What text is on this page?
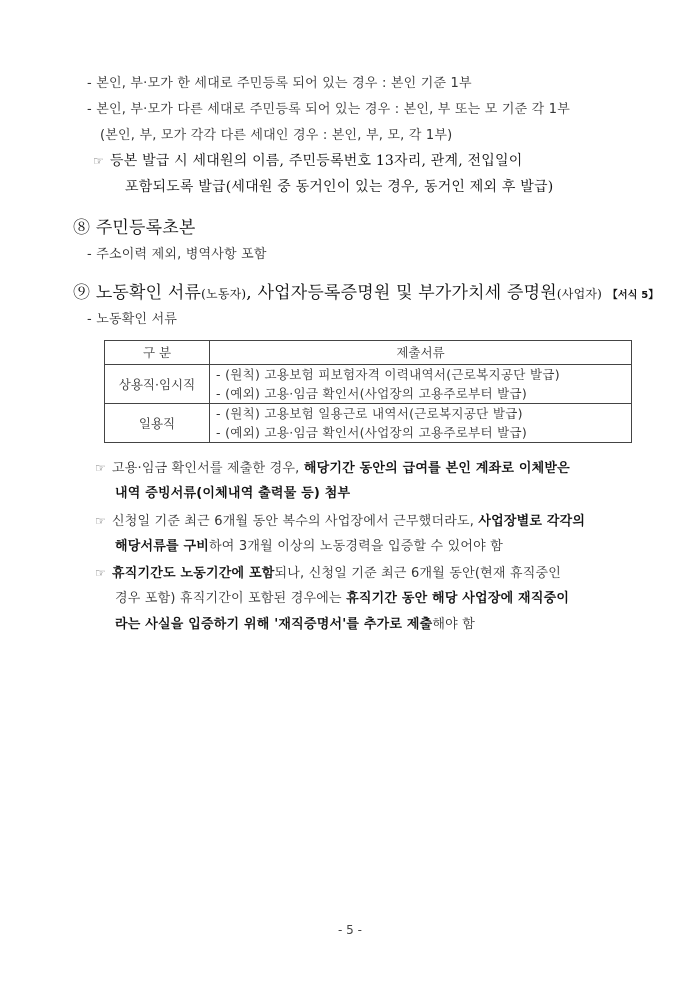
- 본인, 부·모가 한 세대로 주민등록 되어 있는 경우 : 본인 기준 1부
- 본인, 부·모가 다른 세대로 주민등록 되어 있는 경우 : 본인, 부 또는 모 기준 각 1부
(본인, 부, 모가 각각 다른 세대인 경우 : 본인, 부, 모, 각 1부)
☞ 등본 발급 시 세대원의 이름, 주민등록번호 13자리, 관계, 전입일이
포함되도록 발급(세대원 중 동거인이 있는 경우, 동거인 제외 후 발급)
⑧ 주민등록초본
- 주소이력 제외, 병역사항 포함
⑨ 노동확인 서류(노동자), 사업자등록증명원 및 부가가치세 증명원(사업자) 【서식 5】
- 노동확인 서류
구 분	제출서류
상용직·임시직	- (원칙) 고용보험 피보험자격 이력내역서(근로복지공단 발급)
- (예외) 고용·임금 확인서(사업장의 고용주로부터 발급)

일용직	- (원칙) 고용보험 일용근로 내역서(근로복지공단 발급)
- (예외) 고용·임금 확인서(사업장의 고용주로부터 발급)
☞ 고용·임금 확인서를 제출한 경우, 해당기간 동안의 급여를 본인 계좌로 이체받은
내역 증빙서류(이체내역 출력물 등) 첨부
☞ 신청일 기준 최근 6개월 동안 복수의 사업장에서 근무했더라도, 사업장별로 각각의
해당서류를 구비하여 3개월 이상의 노동경력을 입증할 수 있어야 함
☞ 휴직기간도 노동기간에 포함되나, 신청일 기준 최근 6개월 동안(현재 휴직중인
경우 포함) 휴직기간이 포함된 경우에는 휴직기간 동안 해당 사업장에 재직중이
라는 사실을 입증하기 위해 '재직증명서'를 추가로 제출해야 함
- 5 -
